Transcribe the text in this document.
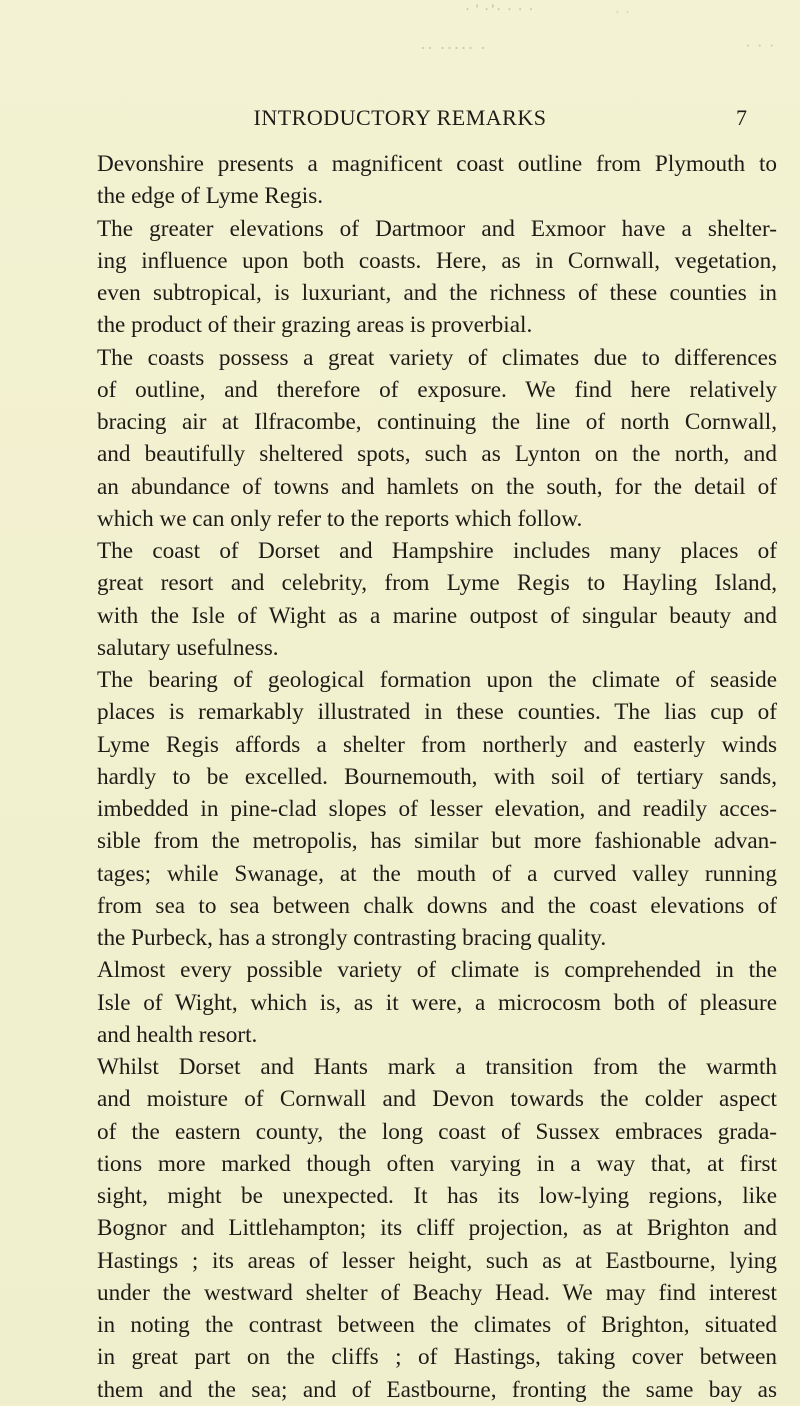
· ' ·’· · · ·
·· ····· ·	· · ·
· ·
INTRODUCTORY REMARKS	7
Devonshire presents a magnificent coast outline from Plymouth to
the edge of Lyme Regis.
The greater elevations of Dartmoor and Exmoor have a shelter-
ing influence upon both coasts. Here, as in Cornwall, vegetation,
even subtropical, is luxuriant, and the richness of these counties in
the product of their grazing areas is proverbial.
The coasts possess a great variety of climates due to differences
of outline, and therefore of exposure. We find here relatively
bracing air at Ilfracombe, continuing the line of north Cornwall,
and beautifully sheltered spots, such as Lynton on the north, and
an abundance of towns and hamlets on the south, for the detail of
which we can only refer to the reports which follow.
The coast of Dorset and Hampshire includes many places of
great resort and celebrity, from Lyme Regis to Hayling Island,
with the Isle of Wight as a marine outpost of singular beauty and
salutary usefulness.
The bearing of geological formation upon the climate of seaside
places is remarkably illustrated in these counties. The lias cup of
Lyme Regis affords a shelter from northerly and easterly winds
hardly to be excelled. Bournemouth, with soil of tertiary sands,
imbedded in pine-clad slopes of lesser elevation, and readily acces-
sible from the metropolis, has similar but more fashionable advan-
tages; while Swanage, at the mouth of a curved valley running
from sea to sea between chalk downs and the coast elevations of
the Purbeck, has a strongly contrasting bracing quality.
Almost every possible variety of climate is comprehended in the
Isle of Wight, which is, as it were, a microcosm both of pleasure
and health resort.
Whilst Dorset and Hants mark a transition from the warmth
and moisture of Cornwall and Devon towards the colder aspect
of the eastern county, the long coast of Sussex embraces grada-
tions more marked though often varying in a way that, at first
sight, might be unexpected. It has its low-lying regions, like
Bognor and Littlehampton; its cliff projection, as at Brighton and
Hastings ; its areas of lesser height, such as at Eastbourne, lying
under the westward shelter of Beachy Head. We may find interest
in noting the contrast between the climates of Brighton, situated
in great part on the cliffs ; of Hastings, taking cover between
them and the sea; and of Eastbourne, fronting the same bay as
